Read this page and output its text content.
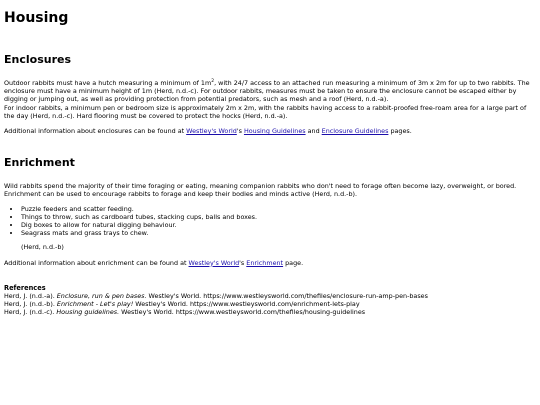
Housing
Enclosures

Outdoor rabbits must have a hutch measuring a minimum of $1m^2$, with 24/7 access to an attached run measuring a minimum of 3m x 2m for up to two rabbits. The enclosure must have a minimum height of 1m (Herd, n.d.-c). For outdoor rabbits, measures must be taken to ensure the enclosure cannot be escaped either by digging or jumping out, as well as providing protection from potential predators, such as mesh and a roof (Herd, n.d.-a).

For indoor rabbits, a minimum pen or bedroom size is approximately 2m x 2m, with the rabbits having access to a rabbit-proofed free-roam area for a large part of the day (Herd, n.d.-c). Hard flooring must be covered to protect the hocks (Herd, n.d.-a).

Additional information about enclosures can be found at Westley's World's Housing Guidelines and Enclosure Guidelines pages.

Enrichment

Wild rabbits spend the majority of their time foraging or eating, meaning companion rabbits who don't need to forage often become lazy, overweight, or bored. Enrichment can be used to encourage rabbits to forage and keep their bodies and minds active (Herd, n.d.-b).

• Puzzle feeders and scatter feeding.
• Things to throw, such as cardboard tubes, stacking cups, balls and boxes.
• Dig boxes to allow for natural digging behaviour.
• Seagrass mats and grass trays to chew.
(Herd, n.d.-b)

Additional information about enrichment can be found at Westley's World's Enrichment page.

References
Herd, J. (n.d.-a). Enclosure, run & pen bases. Westley's World. https://www.westleysworld.com/thefiles/enclosure-run-amp-pen-bases
Herd, J. (n.d.-b). Enrichment - Let's play! Westley's World. https://www.westleysworld.com/enrichment-lets-play
Herd, J. (n.d.-c). Housing guidelines. Westley's World. https://www.westleysworld.com/thefiles/housing-guidelines
